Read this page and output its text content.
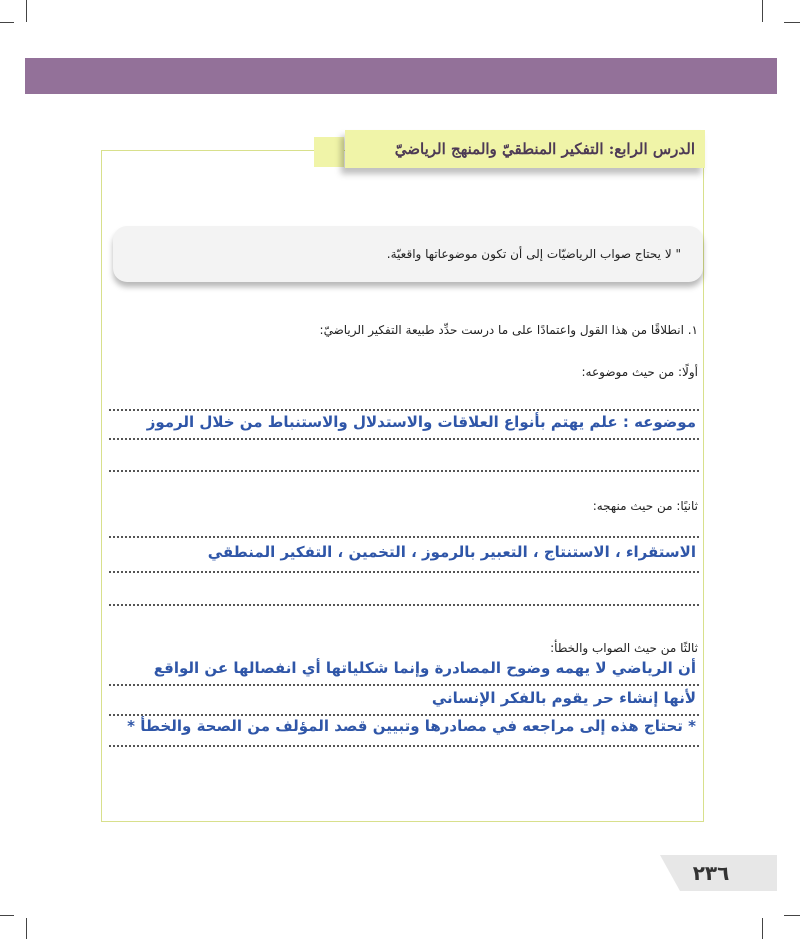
الدرس الرابع: التفكير المنطقيّ والمنهج الرياضيّ
" لا يحتاج صواب الرياضيّات إلى أن تكون موضوعاتها واقعيّة.
١. انطلاقًا من هذا القول واعتمادًا على ما درست حدِّد طبيعة التفكير الرياضيّ:
أولًا: من حيث موضوعه:
موضوعه : علم يهتم بأنواع العلاقات والاستدلال والاستنباط من خلال الرموز
ثانيًا: من حيث منهجه:
الاستقراء ، الاستنتاج ، التعبير بالرموز ، التخمين ، التفكير المنطقي
ثالثًا من حيث الصواب والخطأ:
أن الرياضي لا يهمه وضوح المصادرة وإنما شكلياتها أي انفصالها عن الواقع
لأنها إنشاء حر يقوم بالفكر الإنساني
* تحتاج هذه إلى مراجعه في مصادرها وتبيين قصد المؤلف من الصحة والخطأ *
٢٣٦
